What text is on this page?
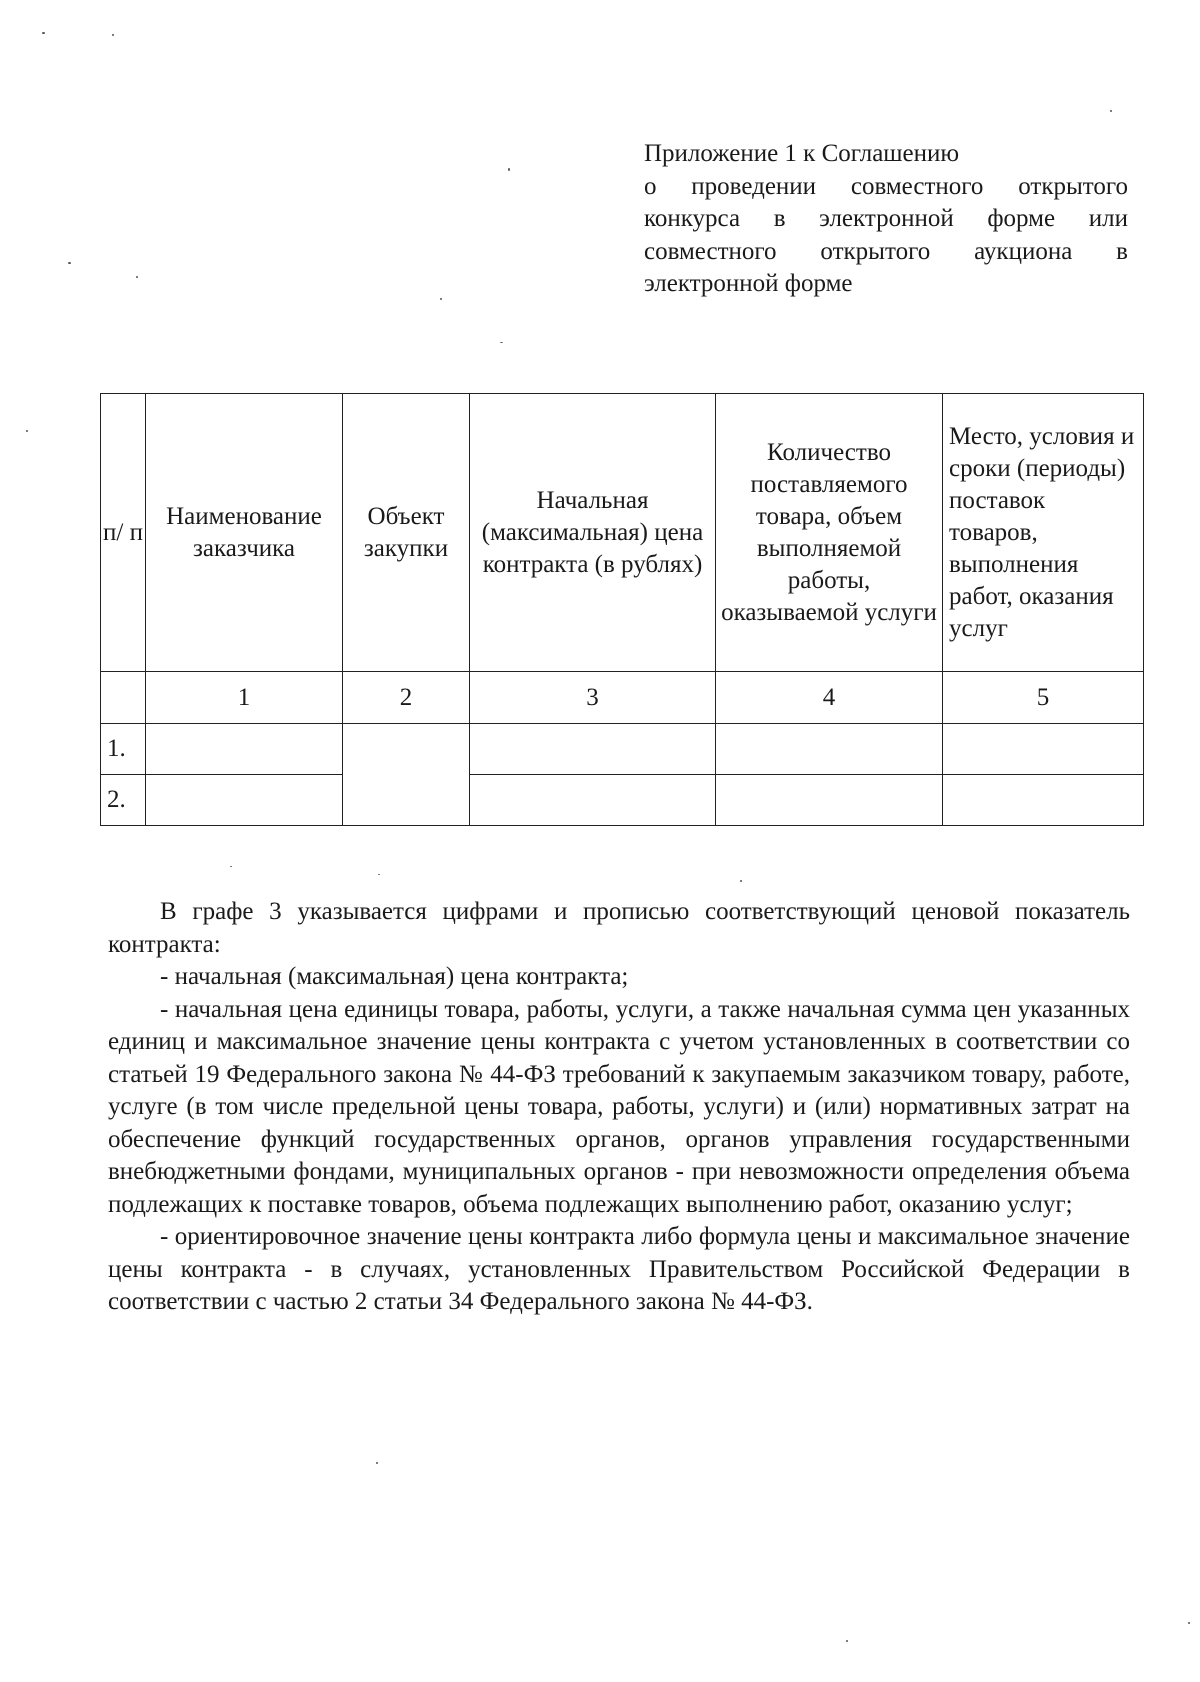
Приложение 1 к Соглашению
о проведении совместного открытого конкурса в электронной форме или совместного открытого аукциона в электронной форме
п/ п	Наименование заказчика	Объект закупки	Начальная (максимальная) цена контракта (в рублях)	Количество поставляемого товара, объем выполняемой работы, оказываемой услуги	Место, условия и сроки (периоды) поставок товаров, выполнения работ, оказания услуг
	1	2	3	4	5
1.					
2.					

В графе 3 указывается цифрами и прописью соответствующий ценовой показатель контракта:

- начальная (максимальная) цена контракта;

- начальная цена единицы товара, работы, услуги, а также начальная сумма цен указанных единиц и максимальное значение цены контракта с учетом установленных в соответствии со статьей 19 Федерального закона № 44-ФЗ требований к закупаемым заказчиком товару, работе, услуге (в том числе предельной цены товара, работы, услуги) и (или) нормативных затрат на обеспечение функций государственных органов, органов управления государственными внебюджетными фондами, муниципальных органов - при невозможности определения объема подлежащих к поставке товаров, объема подлежащих выполнению работ, оказанию услуг;

- ориентировочное значение цены контракта либо формула цены и максимальное значение цены контракта - в случаях, установленных Правительством Российской Федерации в соответствии с частью 2 статьи 34 Федерального закона № 44-ФЗ.
